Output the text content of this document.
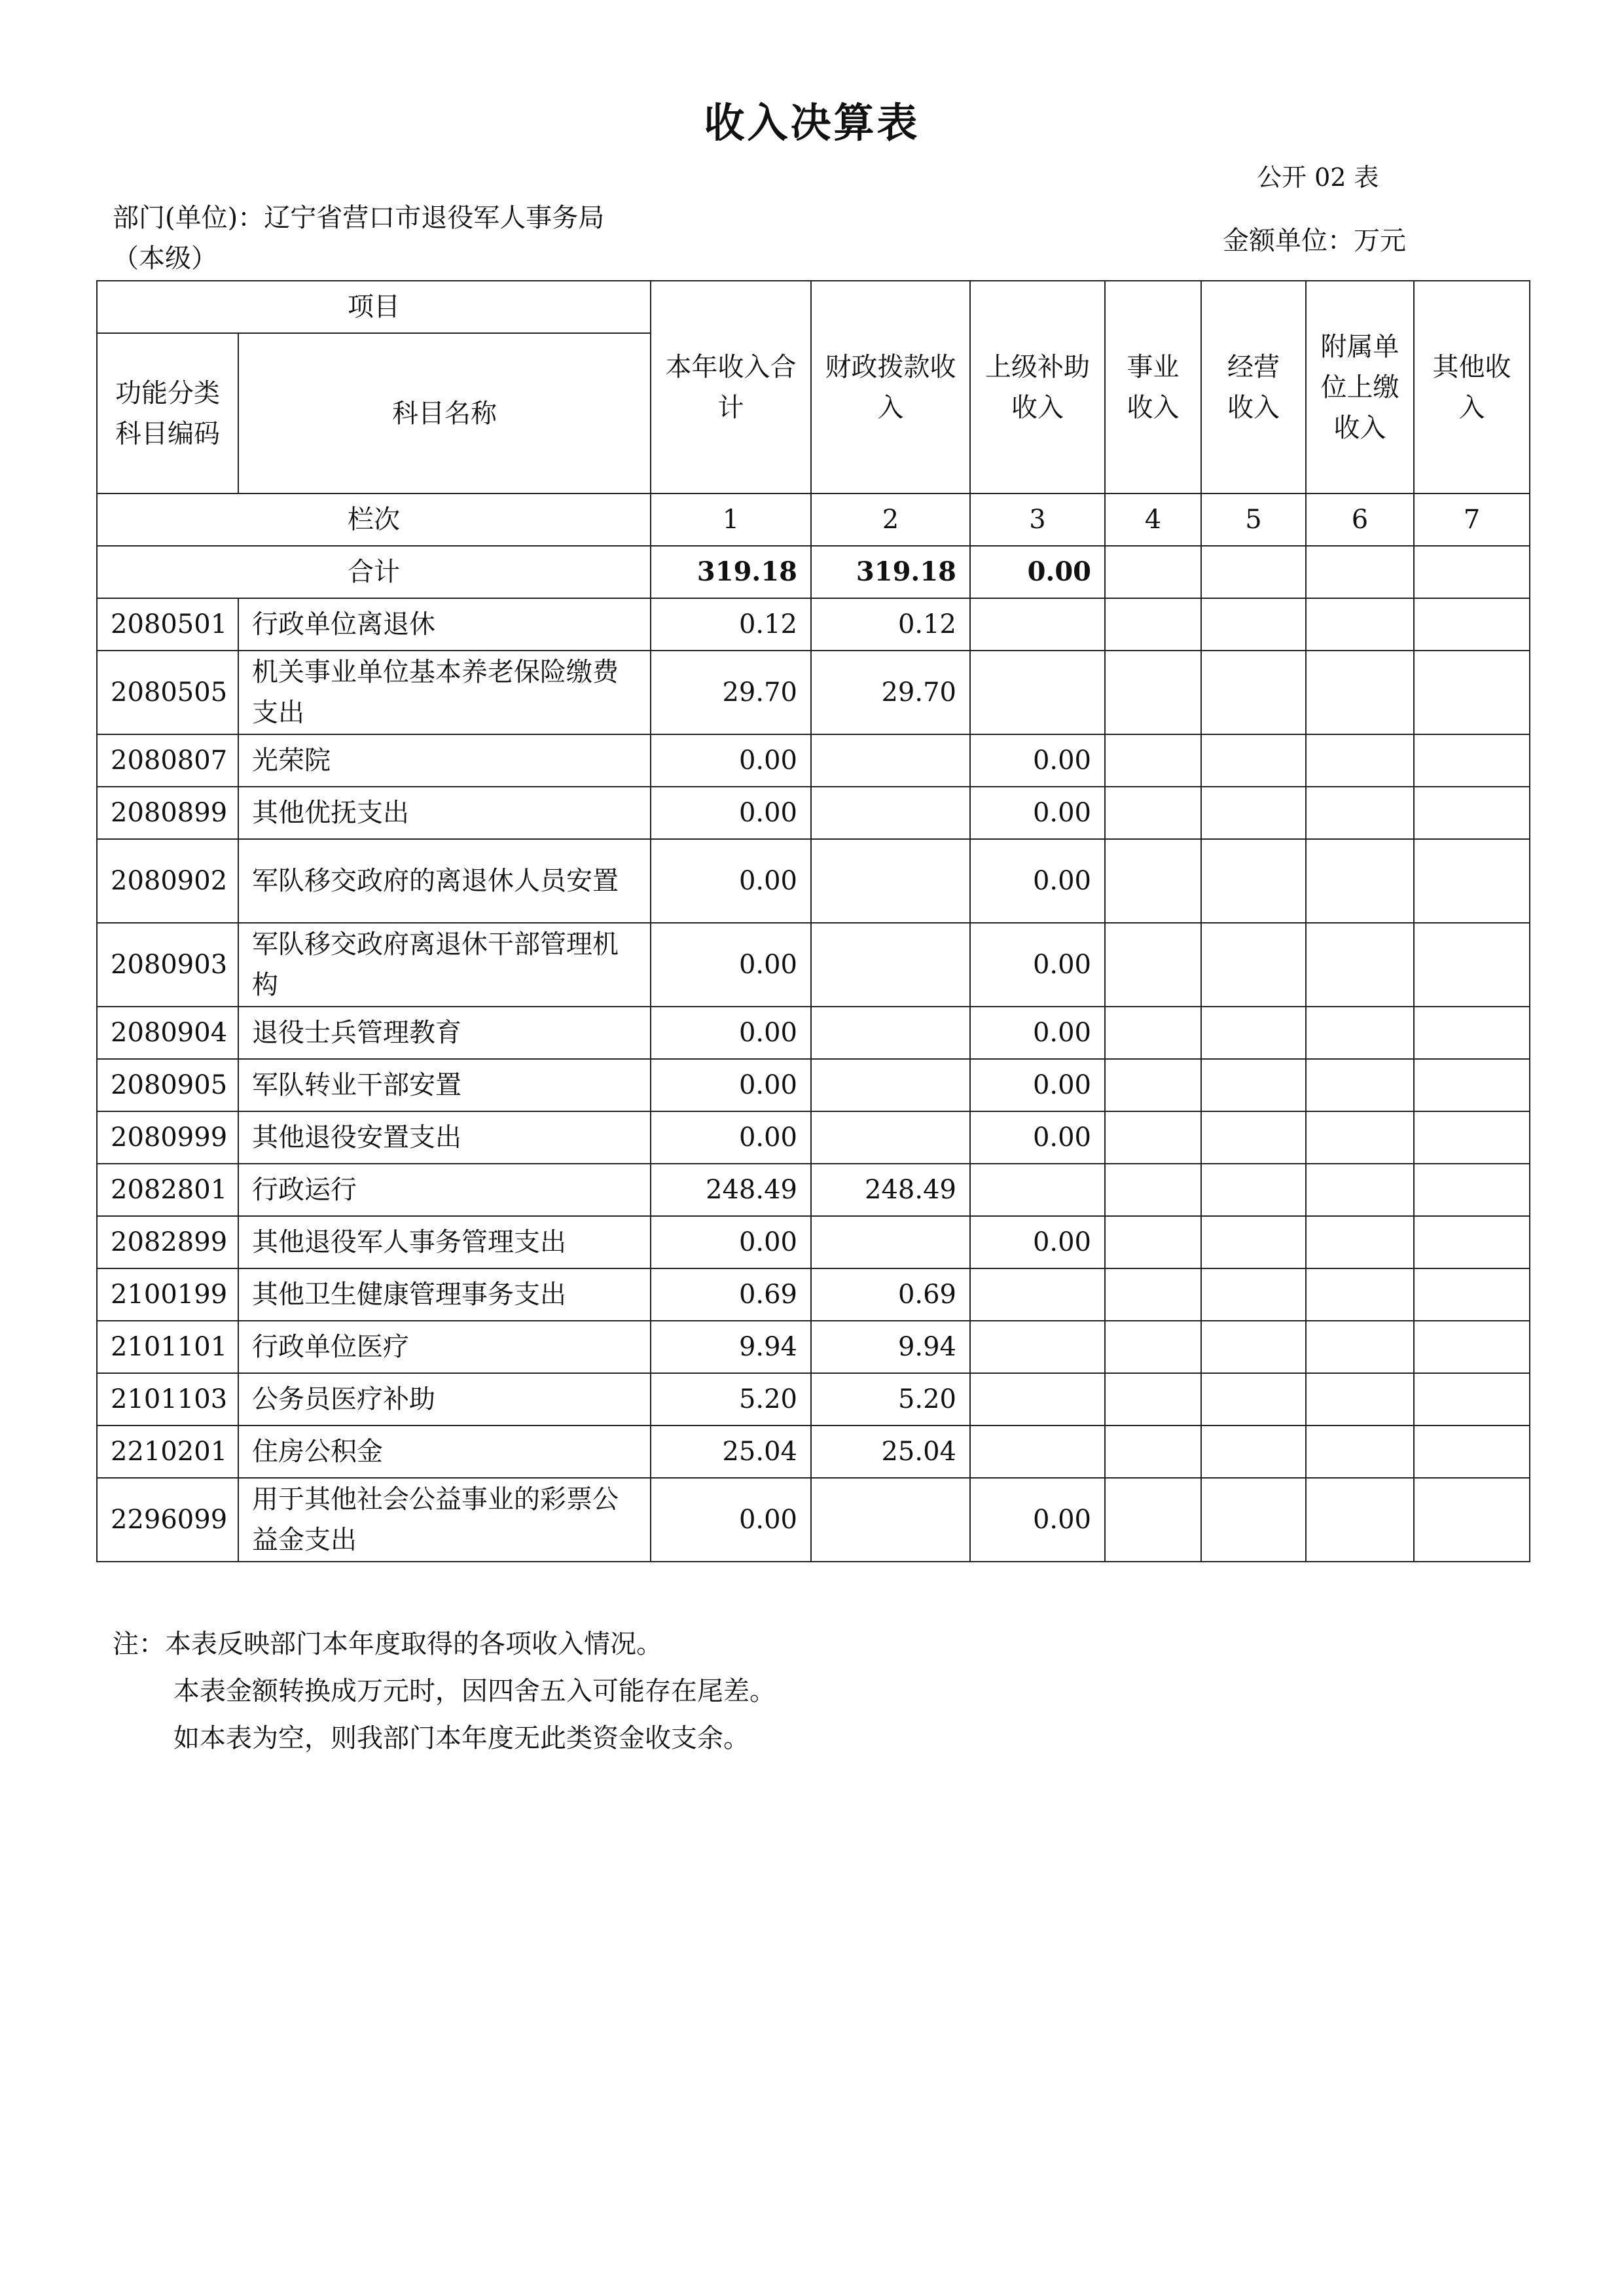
收入决算表
公开 02 表
部门(单位)：辽宁省营口市退役军人事务局
（本级）
金额单位：万元
项目		本年收入合计	财政拨款收入	上级补助收入	事业收入	经营收入	附属单位上缴收入	其他收入
功能分类科目编码	科目名称							
栏次		1	2	3	4	5	6	7
合计		319.18	319.18	0.00				
2080501	行政单位离退休	0.12	0.12					
2080505	机关事业单位基本养老保险缴费支出	29.70	29.70					
2080807	光荣院	0.00		0.00				
2080899	其他优抚支出	0.00		0.00				
2080902	军队移交政府的离退休人员安置	0.00		0.00				
2080903	军队移交政府离退休干部管理机构	0.00		0.00				
2080904	退役士兵管理教育	0.00		0.00				
2080905	军队转业干部安置	0.00		0.00				
2080999	其他退役安置支出	0.00		0.00				
2082801	行政运行	248.49	248.49					
2082899	其他退役军人事务管理支出	0.00		0.00				
2100199	其他卫生健康管理事务支出	0.69	0.69					
2101101	行政单位医疗	9.94	9.94					
2101103	公务员医疗补助	5.20	5.20					
2210201	住房公积金	25.04	25.04					
2296099	用于其他社会公益事业的彩票公益金支出	0.00		0.00				
注：本表反映部门本年度取得的各项收入情况。
本表金额转换成万元时，因四舍五入可能存在尾差。
如本表为空，则我部门本年度无此类资金收支余。
